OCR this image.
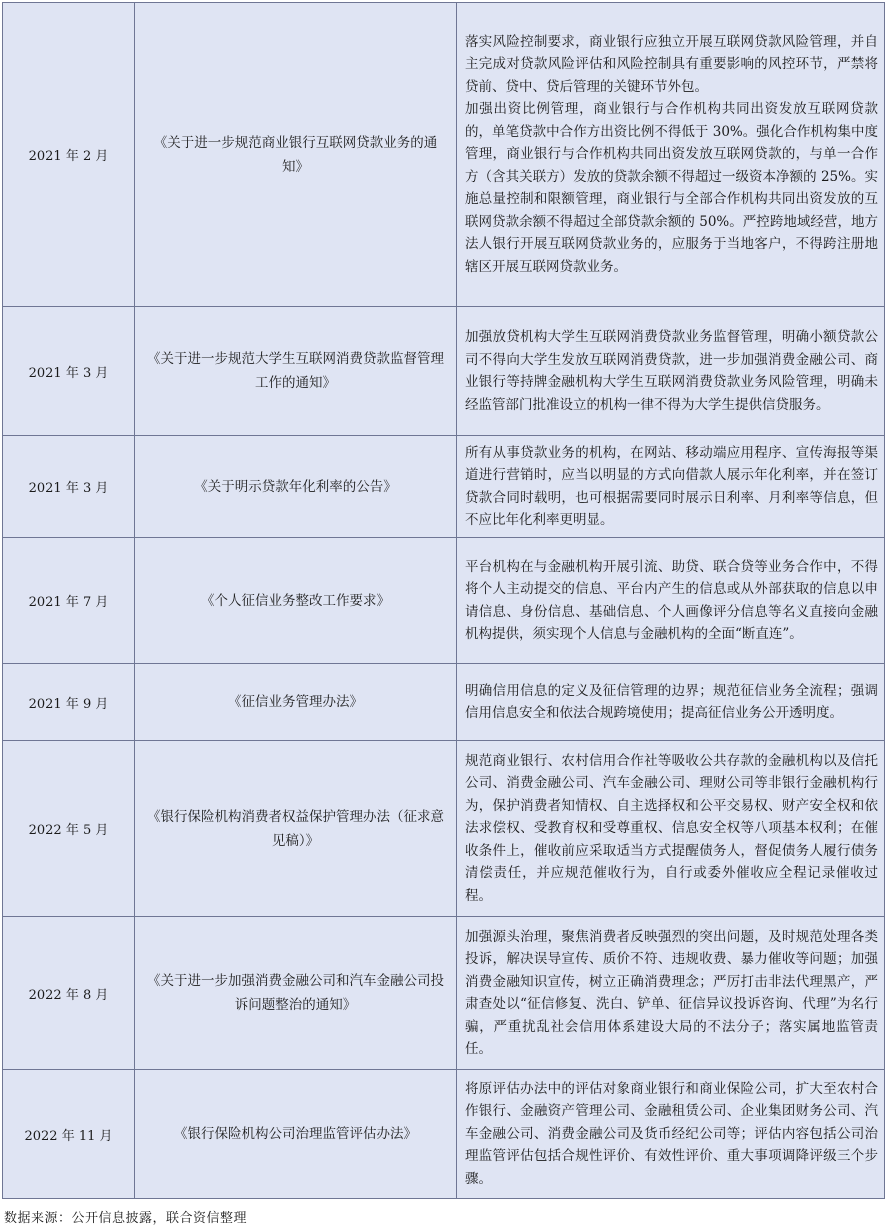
2021 年 2 月	《关于进一步规范商业银行互联网贷款业务的通知》	落实风险控制要求，商业银行应独立开展互联网贷款风险管理，并自主完成对贷款风险评估和风险控制具有重要影响的风控环节，严禁将贷前、贷中、贷后管理的关键环节外包。
加强出资比例管理，商业银行与合作机构共同出资发放互联网贷款的，单笔贷款中合作方出资比例不得低于 30%。强化合作机构集中度管理，商业银行与合作机构共同出资发放互联网贷款的，与单一合作方（含其关联方）发放的贷款余额不得超过一级资本净额的 25%。实施总量控制和限额管理，商业银行与全部合作机构共同出资发放的互联网贷款余额不得超过全部贷款余额的 50%。严控跨地域经营，地方法人银行开展互联网贷款业务的，应服务于当地客户，不得跨注册地辖区开展互联网贷款业务。

2021 年 3 月	《关于进一步规范大学生互联网消费贷款监督管理工作的通知》	加强放贷机构大学生互联网消费贷款业务监督管理，明确小额贷款公司不得向大学生发放互联网消费贷款，进一步加强消费金融公司、商业银行等持牌金融机构大学生互联网消费贷款业务风险管理，明确未经监管部门批准设立的机构一律不得为大学生提供信贷服务。

2021 年 3 月	《关于明示贷款年化利率的公告》	所有从事贷款业务的机构，在网站、移动端应用程序、宣传海报等渠道进行营销时，应当以明显的方式向借款人展示年化利率，并在签订贷款合同时载明，也可根据需要同时展示日利率、月利率等信息，但不应比年化利率更明显。

2021 年 7 月	《个人征信业务整改工作要求》	平台机构在与金融机构开展引流、助贷、联合贷等业务合作中，不得将个人主动提交的信息、平台内产生的信息或从外部获取的信息以申请信息、身份信息、基础信息、个人画像评分信息等名义直接向金融机构提供，须实现个人信息与金融机构的全面“断直连”。

2021 年 9 月	《征信业务管理办法》	明确信用信息的定义及征信管理的边界；规范征信业务全流程；强调信用信息安全和依法合规跨境使用；提高征信业务公开透明度。

2022 年 5 月	《银行保险机构消费者权益保护管理办法（征求意见稿）》	规范商业银行、农村信用合作社等吸收公共存款的金融机构以及信托公司、消费金融公司、汽车金融公司、理财公司等非银行金融机构行为，保护消费者知情权、自主选择权和公平交易权、财产安全权和依法求偿权、受教育权和受尊重权、信息安全权等八项基本权利；在催收条件上，催收前应采取适当方式提醒债务人，督促债务人履行债务清偿责任，并应规范催收行为，自行或委外催收应全程记录催收过程。

2022 年 8 月	《关于进一步加强消费金融公司和汽车金融公司投诉问题整治的通知》	加强源头治理，聚焦消费者反映强烈的突出问题，及时规范处理各类投诉，解决误导宣传、质价不符、违规收费、暴力催收等问题；加强消费金融知识宣传，树立正确消费理念；严厉打击非法代理黑产，严肃查处以“征信修复、洗白、铲单、征信异议投诉咨询、代理”为名行骗，严重扰乱社会信用体系建设大局的不法分子；落实属地监管责任。

2022 年 11 月	《银行保险机构公司治理监管评估办法》	将原评估办法中的评估对象商业银行和商业保险公司，扩大至农村合作银行、金融资产管理公司、金融租赁公司、企业集团财务公司、汽车金融公司、消费金融公司及货币经纪公司等；评估内容包括公司治理监管评估包括合规性评价、有效性评价、重大事项调降评级三个步骤。
数据来源：公开信息披露，联合资信整理
